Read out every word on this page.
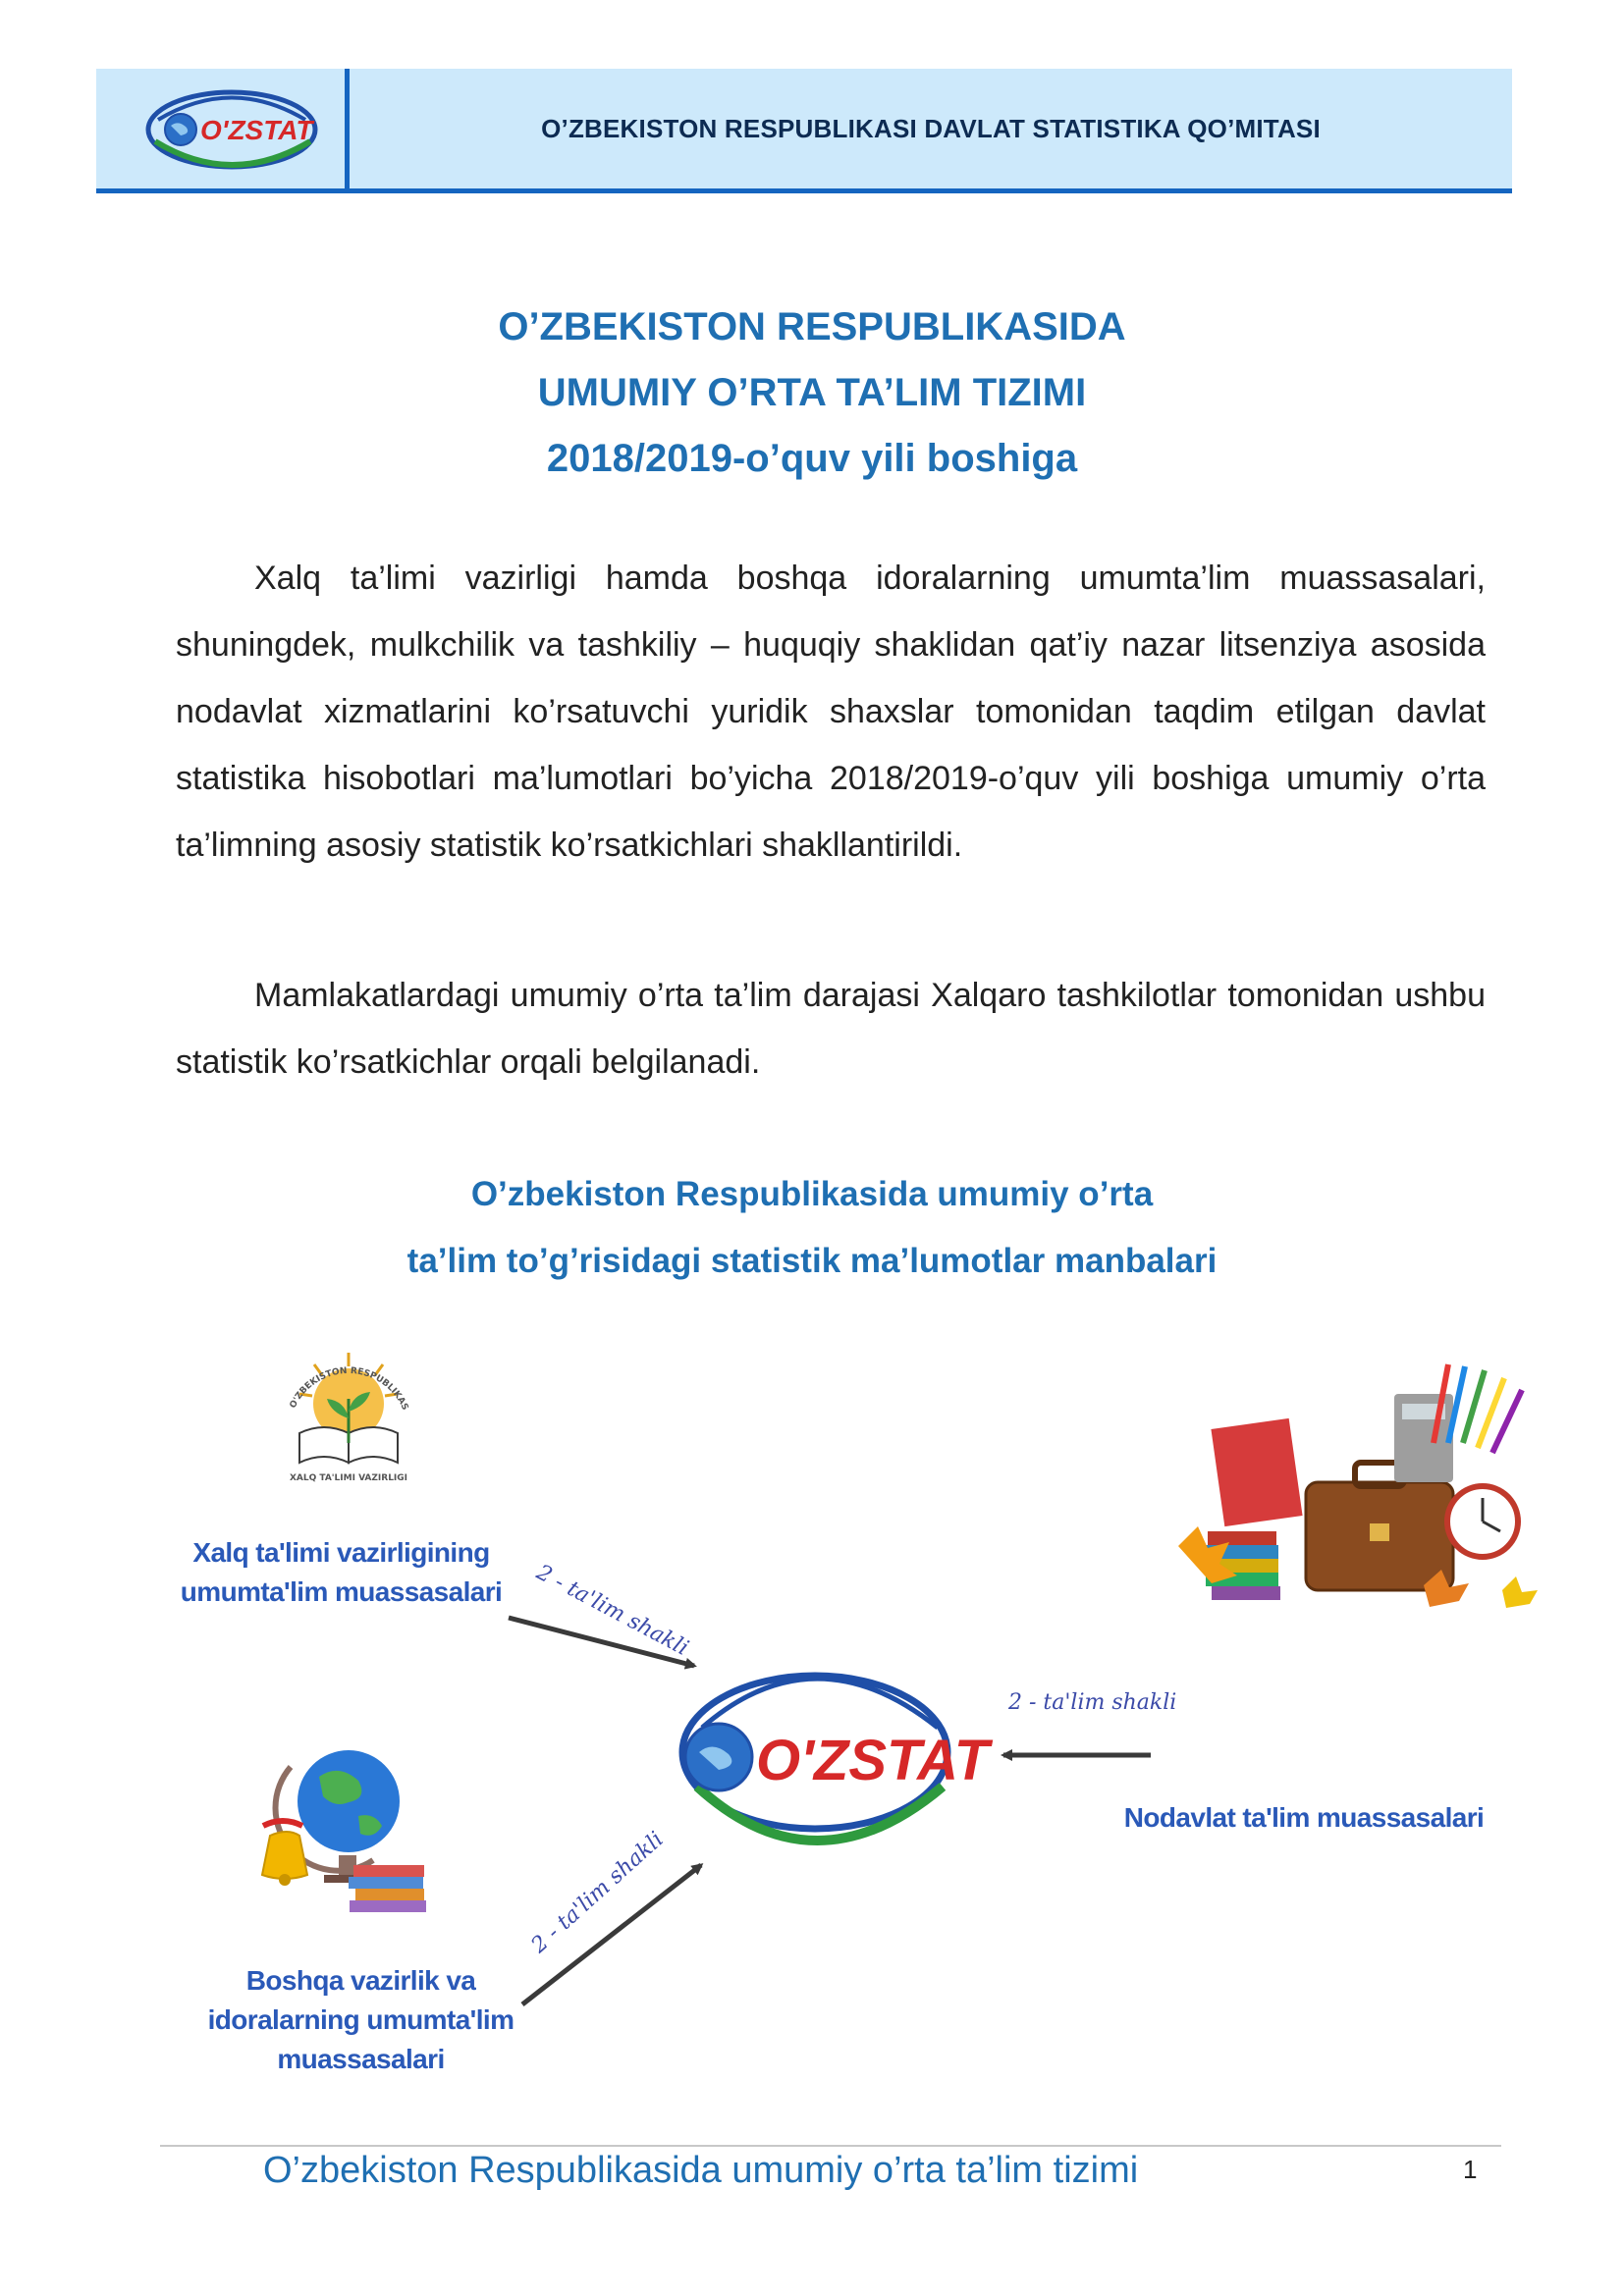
O'ZSTAT	O’ZBEKISTON RESPUBLIKASI DAVLAT STATISTIKA QO’MITASI
O’ZBEKISTON RESPUBLIKASIDA
UMUMIY O’RTA TA’LIM TIZIMI
2018/2019-o’quv yili boshiga

Xalq ta’limi vazirligi hamda boshqa idoralarning umumta’lim muassasalari, shuningdek, mulkchilik va tashkiliy – huquqiy shaklidan qat’iy nazar litsenziya asosida nodavlat xizmatlarini ko’rsatuvchi yuridik shaxslar tomonidan taqdim etilgan davlat statistika hisobotlari ma’lumotlari bo’yicha 2018/2019-o’quv yili boshiga umumiy o’rta ta’limning asosiy statistik ko’rsatkichlari shakllantirildi.

Mamlakatlardagi umumiy o’rta ta’lim darajasi Xalqaro tashkilotlar tomonidan ushbu statistik ko’rsatkichlar orqali belgilanadi.

O’zbekiston Respublikasida umumiy o’rta
ta’lim to’g’risidagi statistik ma’lumotlar manbalari
O'ZBEKISTON RESPUBLIKAS
XALQ TA'LIMI VAZIRLIGI
O'ZSTAT
Xalq ta'limi vazirligining
umumta'lim muassasalari
Boshqa vazirlik va
idoralarning umumta'lim
muassasalari
Nodavlat ta'lim muassasalari
2 - ta'lim shakli
2 - ta'lim shakli
2 - ta'lim shakli
O’zbekiston Respublikasida umumiy o’rta ta’lim tizimi	1
